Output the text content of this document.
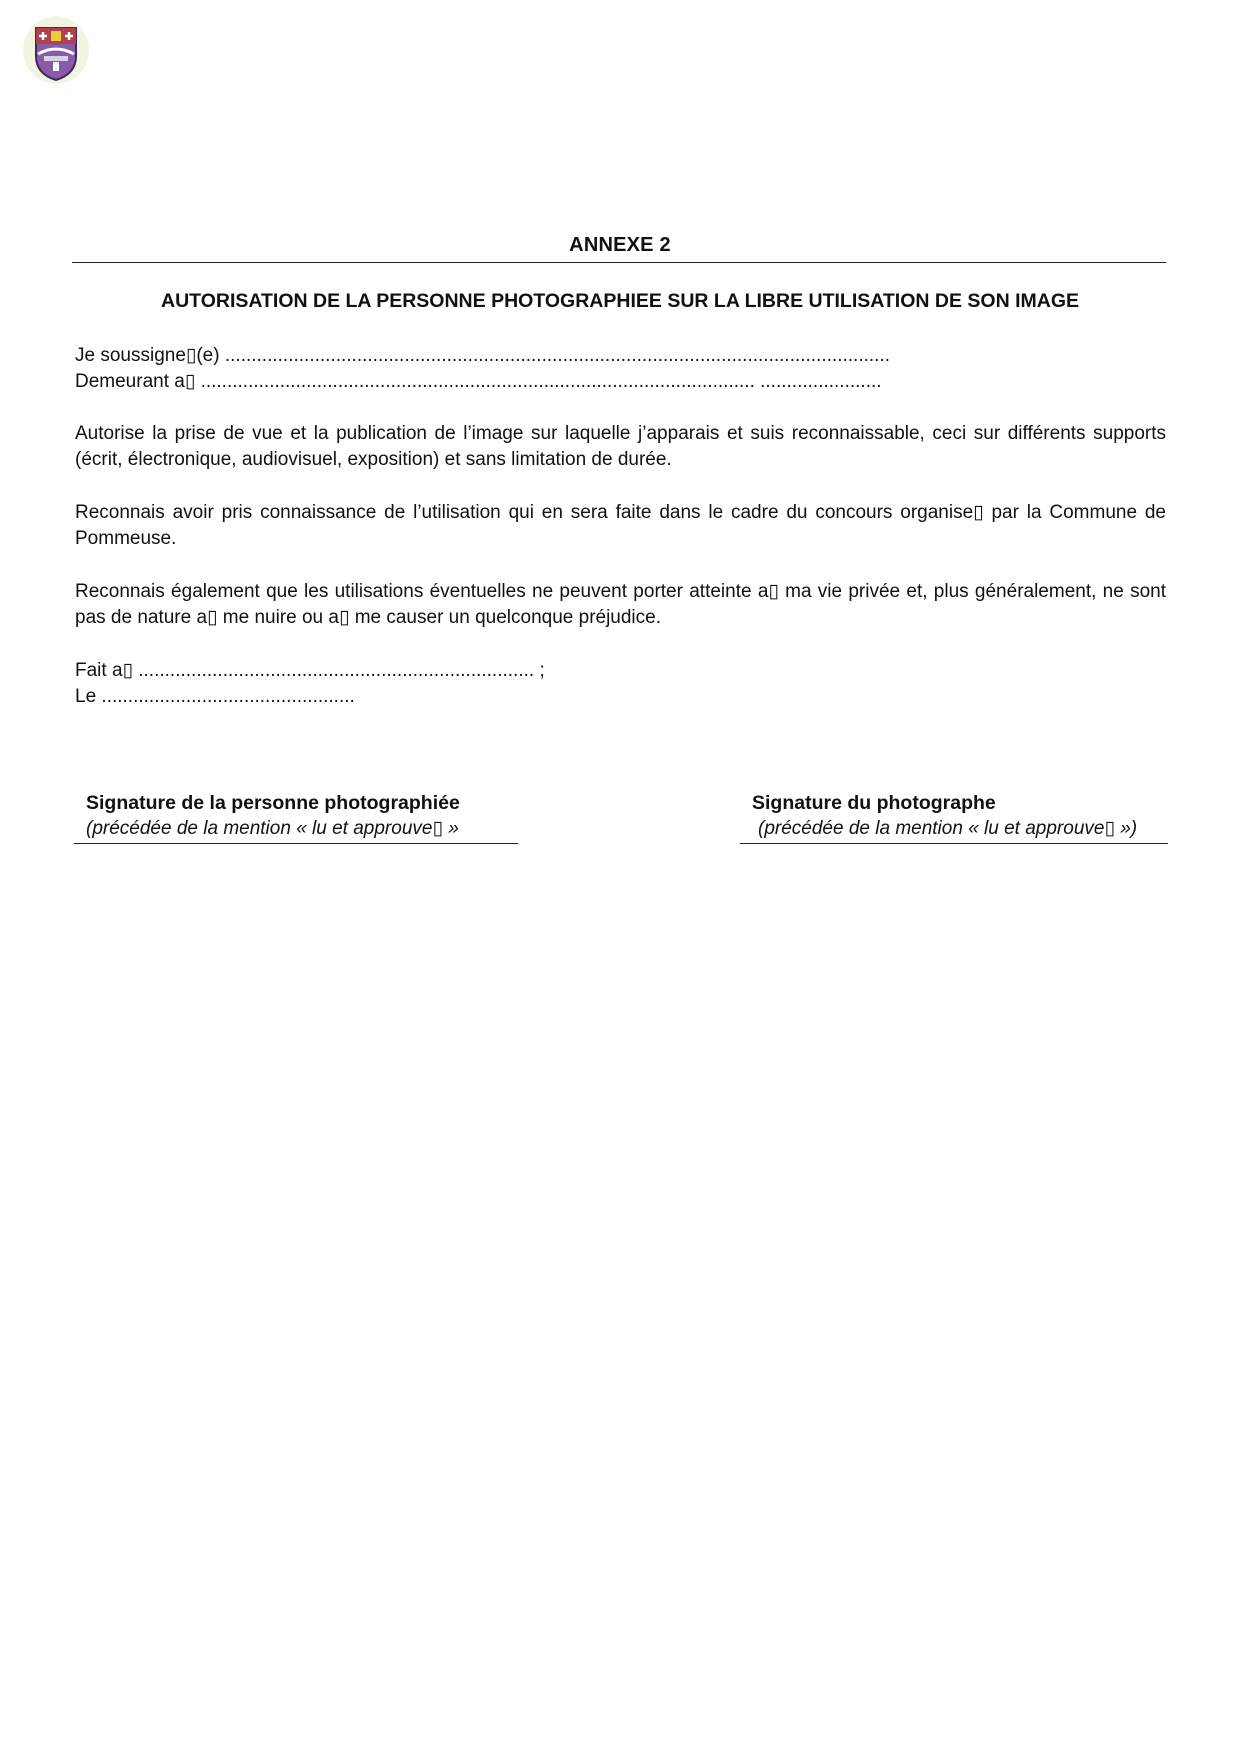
ANNEXE 2
AUTORISATION DE LA PERSONNE PHOTOGRAPHIEE SUR LA LIBRE UTILISATION DE SON IMAGE
Je soussigne▯(e) ..............................................................................................................................
Demeurant a▯ ......................................................................................................... .......................
Autorise la prise de vue et la publication de l’image sur laquelle j’apparais et suis reconnaissable, ceci sur différents supports (écrit, électronique, audiovisuel, exposition) et sans limitation de durée.
Reconnais avoir pris connaissance de l’utilisation qui en sera faite dans le cadre du concours organise▯ par la Commune de Pommeuse.
Reconnais également que les utilisations éventuelles ne peuvent porter atteinte a▯ ma vie privée et, plus généralement, ne sont pas de nature a▯ me nuire ou a▯ me causer un quelconque préjudice.
Fait a▯ ........................................................................... ;
Le ................................................
Signature de la personne photographiée
(précédée de la mention « lu et approuve▯ »
Signature du photographe
(précédée de la mention « lu et approuve▯ »)
